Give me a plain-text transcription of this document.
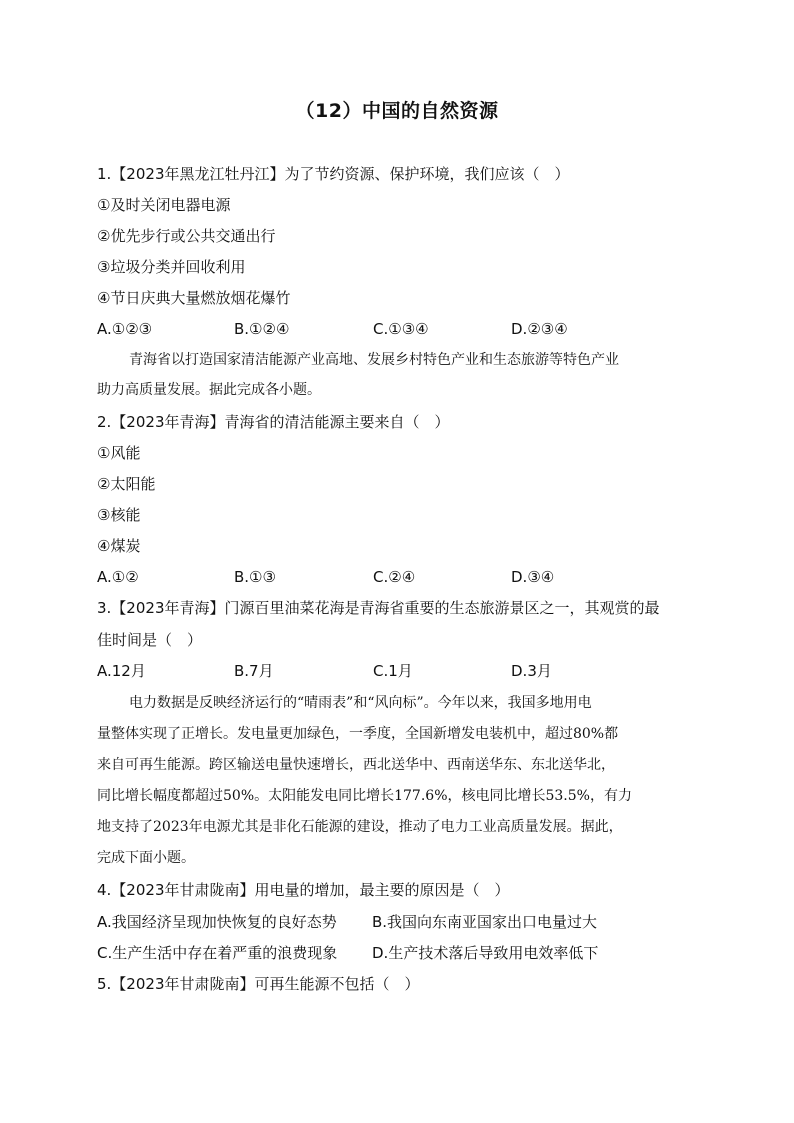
（12）中国的自然资源
1.【2023年黑龙江牡丹江】为了节约资源、保护环境，我们应该（　）
①及时关闭电器电源
②优先步行或公共交通出行
③垃圾分类并回收利用
④节日庆典大量燃放烟花爆竹
A.①②③	B.①②④	C.①③④	D.②③④
青海省以打造国家清洁能源产业高地、发展乡村特色产业和生态旅游等特色产业
助力高质量发展。据此完成各小题。
2.【2023年青海】青海省的清洁能源主要来自（　）
①风能
②太阳能
③核能
④煤炭
A.①②	B.①③	C.②④	D.③④
3.【2023年青海】门源百里油菜花海是青海省重要的生态旅游景区之一，其观赏的最
佳时间是（　）
A.12月	B.7月	C.1月	D.3月
电力数据是反映经济运行的“晴雨表”和“风向标”。今年以来，我国多地用电
量整体实现了正增长。发电量更加绿色，一季度，全国新增发电装机中，超过80%都
来自可再生能源。跨区输送电量快速增长，西北送华中、西南送华东、东北送华北，
同比增长幅度都超过50%。太阳能发电同比增长177.6%，核电同比增长53.5%，有力
地支持了2023年电源尤其是非化石能源的建设，推动了电力工业高质量发展。据此，
完成下面小题。
4.【2023年甘肃陇南】用电量的增加，最主要的原因是（　）
A.我国经济呈现加快恢复的良好态势 B.我国向东南亚国家出口电量过大
C.生产生活中存在着严重的浪费现象 D.生产技术落后导致用电效率低下
5.【2023年甘肃陇南】可再生能源不包括（　）
